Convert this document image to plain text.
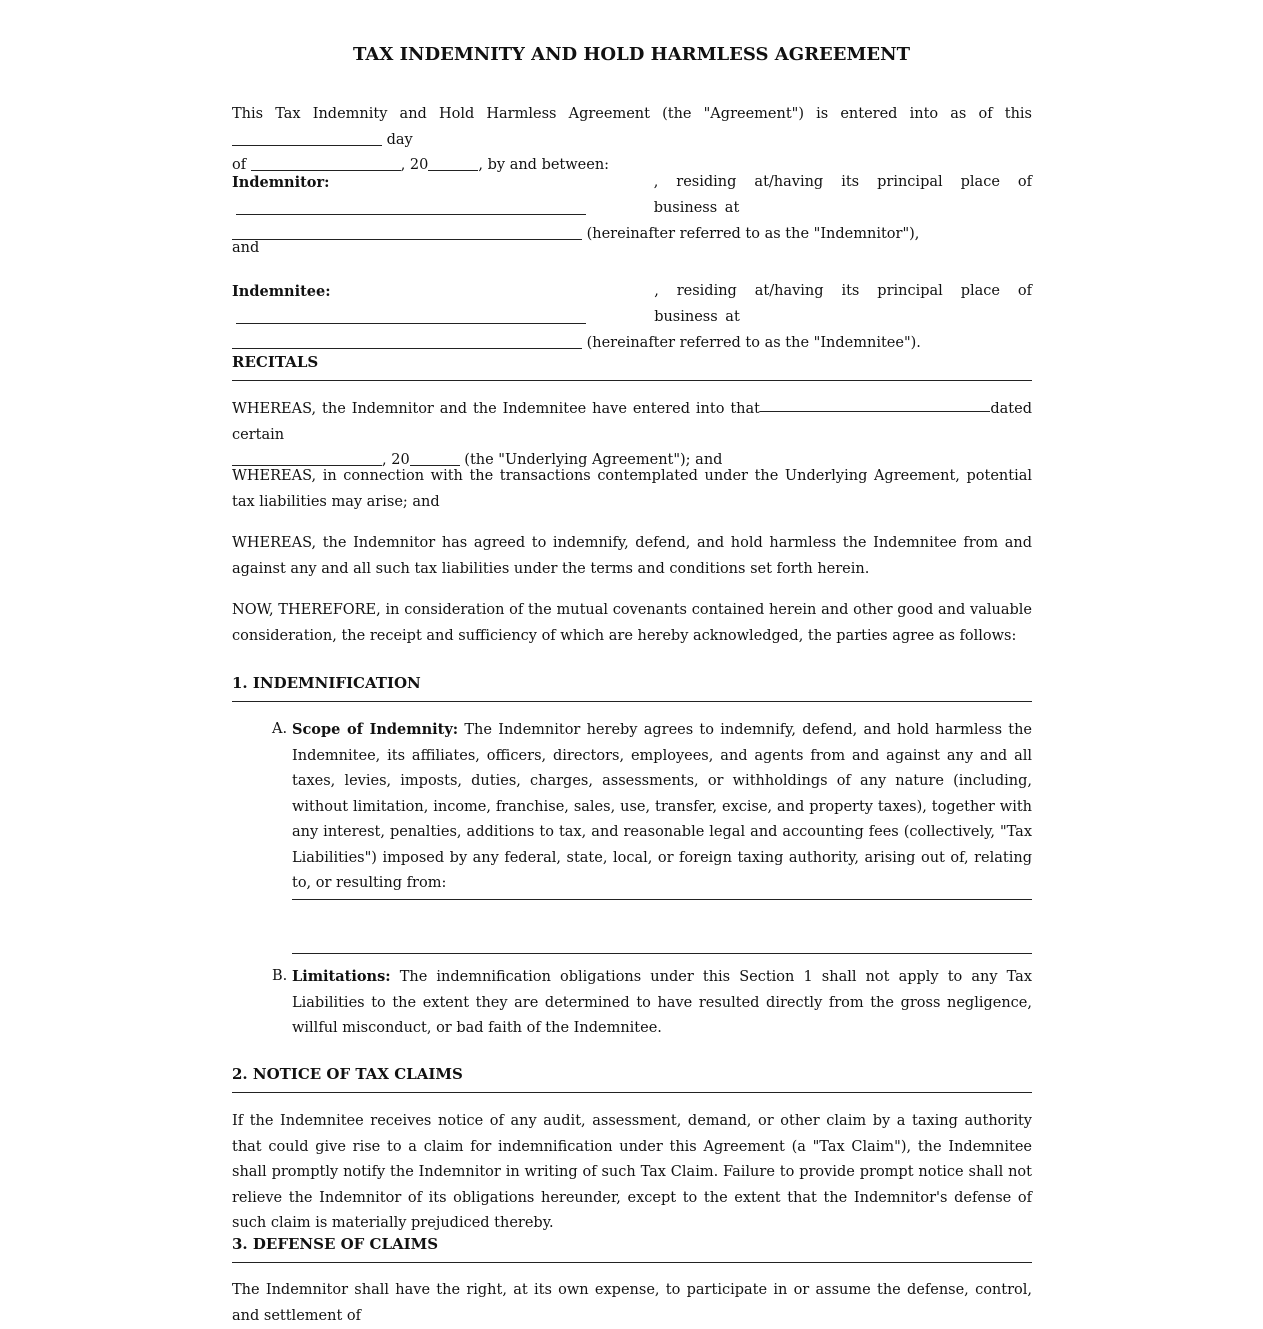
TAX INDEMNITY AND HOLD HARMLESS AGREEMENT

This Tax Indemnity and Hold Harmless Agreement (the "Agreement") is entered into as of this  day
of	, 20	, by and between:

Indemnitor:	, residing at/having its principal place of business at
(hereinafter referred to as the "Indemnitor"),

and

Indemnitee:	, residing at/having its principal place of business at
(hereinafter referred to as the "Indemnitee").

RECITALS

WHEREAS, the Indemnitor and the Indemnitee have entered into that certain
dated
, 20	(the "Underlying Agreement"); and

WHEREAS, in connection with the transactions contemplated under the Underlying Agreement, potential tax liabilities may arise; and

WHEREAS, the Indemnitor has agreed to indemnify, defend, and hold harmless the Indemnitee from and against any and all such tax liabilities under the terms and conditions set forth herein.

NOW, THEREFORE, in consideration of the mutual covenants contained herein and other good and valuable consideration, the receipt and sufficiency of which are hereby acknowledged, the parties agree as follows:

1. INDEMNIFICATION
A. Scope of Indemnity: The Indemnitor hereby agrees to indemnify, defend, and hold harmless the Indemnitee, its affiliates, officers, directors, employees, and agents from and against any and all taxes, levies, imposts, duties, charges, assessments, or withholdings of any nature (including, without limitation, income, franchise, sales, use, transfer, excise, and property taxes), together with any interest, penalties, additions to tax, and reasonable legal and accounting fees (collectively, "Tax Liabilities") imposed by any federal, state, local, or foreign taxing authority, arising out of, relating to, or resulting from:
B. Limitations: The indemnification obligations under this Section 1 shall not apply to any Tax Liabilities to the extent they are determined to have resulted directly from the gross negligence, willful misconduct, or bad faith of the Indemnitee.
2. NOTICE OF TAX CLAIMS

If the Indemnitee receives notice of any audit, assessment, demand, or other claim by a taxing authority that could give rise to a claim for indemnification under this Agreement (a "Tax Claim"), the Indemnitee shall promptly notify the Indemnitor in writing of such Tax Claim. Failure to provide prompt notice shall not relieve the Indemnitor of its obligations hereunder, except to the extent that the Indemnitor's defense of such claim is materially prejudiced thereby.

3. DEFENSE OF CLAIMS

The Indemnitor shall have the right, at its own expense, to participate in or assume the defense, control, and settlement of
